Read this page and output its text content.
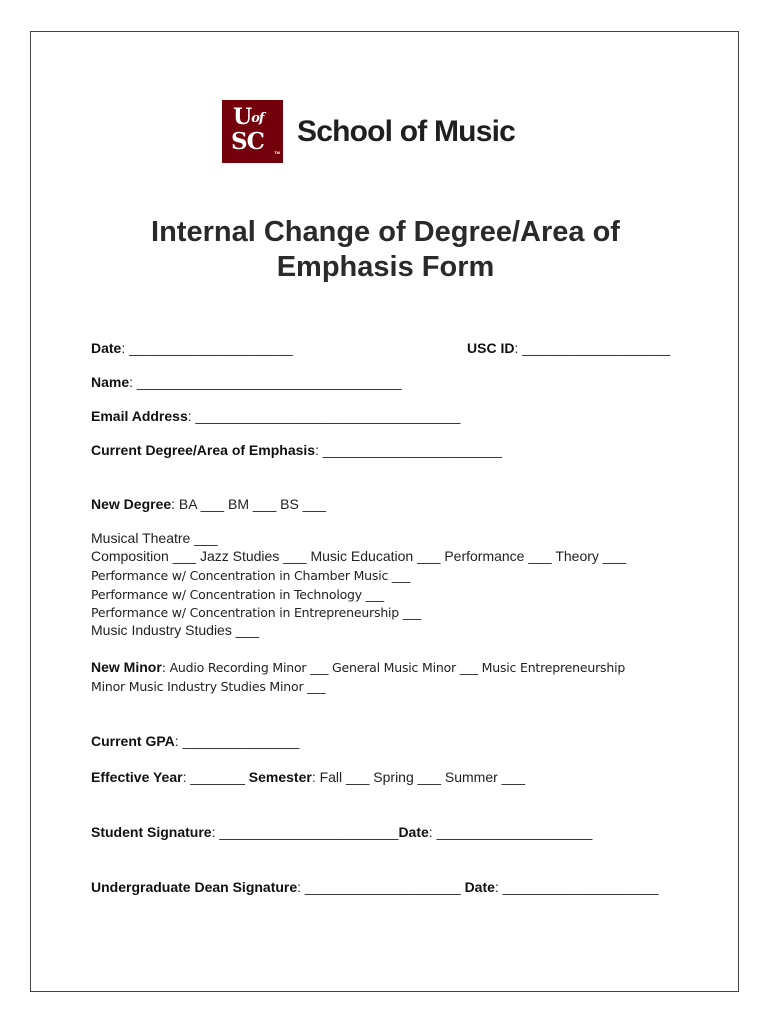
$U^{of}$
SC	TM
School of Music
Internal Change of Degree/Area of
Emphasis Form
Date: _____________________	USC ID: ___________________
Name: __________________________________
Email Address: __________________________________
Current Degree/Area of Emphasis: _______________________
New Degree: BA ___ BM ___ BS ___
Musical Theatre ___
Composition ___ Jazz Studies ___ Music Education ___ Performance ___ Theory ___
Performance w/ Concentration in Chamber Music ___
Performance w/ Concentration in Technology ___
Performance w/ Concentration in Entrepreneurship ___
Music Industry Studies ___
New Minor: Audio Recording Minor ___ General Music Minor ___ Music Entrepreneurship
Minor Music Industry Studies Minor ___
Current GPA: _______________
Effective Year: _______ Semester: Fall ___ Spring ___ Summer ___
Student Signature: _______________________Date: ____________________
Undergraduate Dean Signature: ____________________ Date: ____________________
